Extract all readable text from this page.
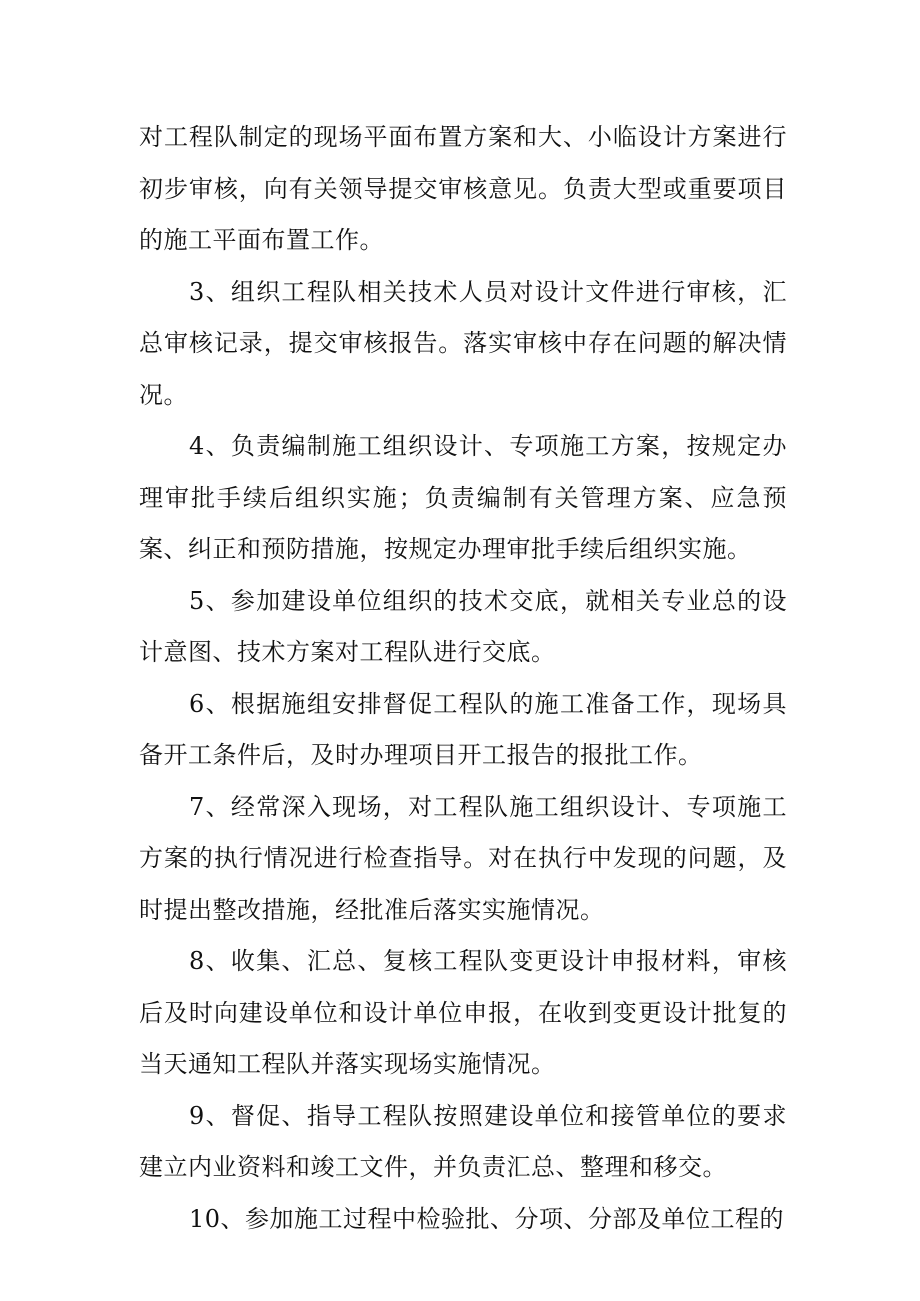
对工程队制定的现场平面布置方案和大、小临设计方案进行初步审核，向有关领导提交审核意见。负责大型或重要项目的施工平面布置工作。

3、组织工程队相关技术人员对设计文件进行审核，汇总审核记录，提交审核报告。落实审核中存在问题的解决情况。

4、负责编制施工组织设计、专项施工方案，按规定办理审批手续后组织实施；负责编制有关管理方案、应急预案、纠正和预防措施，按规定办理审批手续后组织实施。

5、参加建设单位组织的技术交底，就相关专业总的设计意图、技术方案对工程队进行交底。

6、根据施组安排督促工程队的施工准备工作，现场具备开工条件后，及时办理项目开工报告的报批工作。

7、经常深入现场，对工程队施工组织设计、专项施工方案的执行情况进行检查指导。对在执行中发现的问题，及时提出整改措施，经批准后落实实施情况。

8、收集、汇总、复核工程队变更设计申报材料，审核后及时向建设单位和设计单位申报，在收到变更设计批复的当天通知工程队并落实现场实施情况。

9、督促、指导工程队按照建设单位和接管单位的要求建立内业资料和竣工文件，并负责汇总、整理和移交。

10、参加施工过程中检验批、分项、分部及单位工程的
